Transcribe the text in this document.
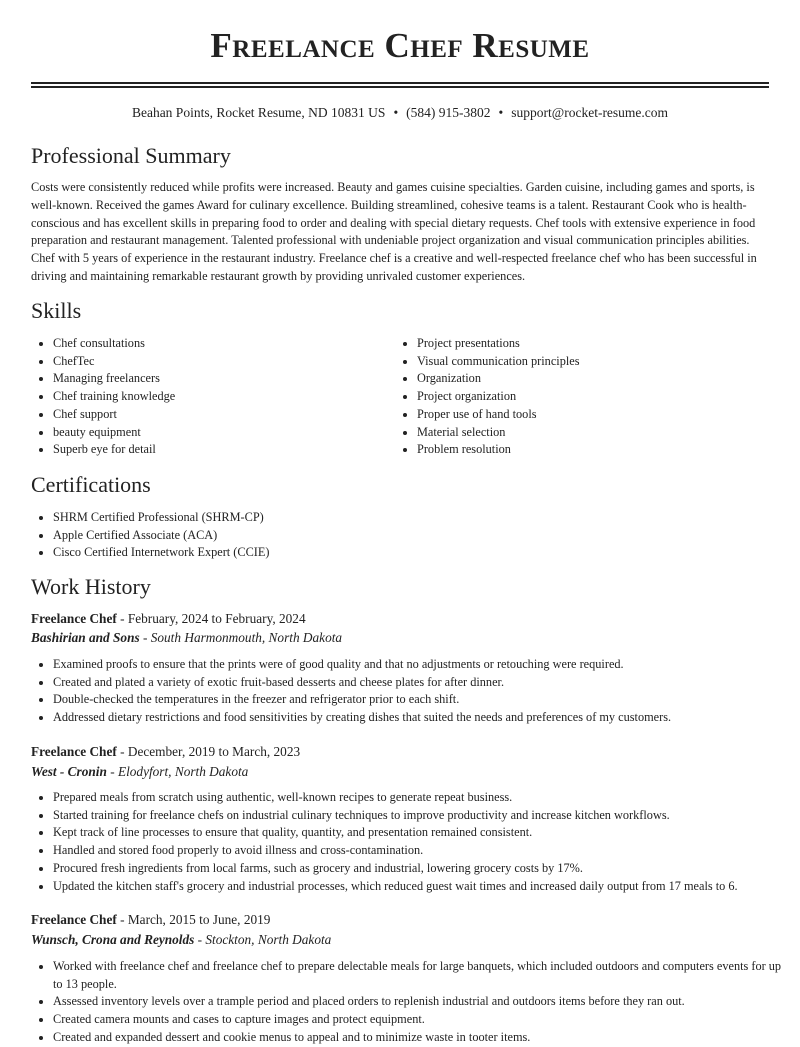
Freelance Chef Resume
Beahan Points, Rocket Resume, ND 10831 US • (584) 915-3802 • support@rocket-resume.com
Professional Summary

Costs were consistently reduced while profits were increased. Beauty and games cuisine specialties. Garden cuisine, including games and sports, is well-known. Received the games Award for culinary excellence. Building streamlined, cohesive teams is a talent. Restaurant Cook who is health-conscious and has excellent skills in preparing food to order and dealing with special dietary requests. Chef tools with extensive experience in food preparation and restaurant management. Talented professional with undeniable project organization and visual communication principles abilities. Chef with 5 years of experience in the restaurant industry. Freelance chef is a creative and well-respected freelance chef who has been successful in driving and maintaining remarkable restaurant growth by providing unrivaled customer experiences.

Skills
• Chef consultations
• ChefTec
• Managing freelancers
• Chef training knowledge
• Chef support
• beauty equipment
• Superb eye for detail
• Project presentations
• Visual communication principles
• Organization
• Project organization
• Proper use of hand tools
• Material selection
• Problem resolution
Certifications
• SHRM Certified Professional (SHRM-CP)
• Apple Certified Associate (ACA)
• Cisco Certified Internetwork Expert (CCIE)
Work History
Freelance Chef - February, 2024 to February, 2024
Bashirian and Sons - South Harmonmouth, North Dakota
• Examined proofs to ensure that the prints were of good quality and that no adjustments or retouching were required.
• Created and plated a variety of exotic fruit-based desserts and cheese plates for after dinner.
• Double-checked the temperatures in the freezer and refrigerator prior to each shift.
• Addressed dietary restrictions and food sensitivities by creating dishes that suited the needs and preferences of my customers.
Freelance Chef - December, 2019 to March, 2023
West - Cronin - Elodyfort, North Dakota
• Prepared meals from scratch using authentic, well-known recipes to generate repeat business.
• Started training for freelance chefs on industrial culinary techniques to improve productivity and increase kitchen workflows.
• Kept track of line processes to ensure that quality, quantity, and presentation remained consistent.
• Handled and stored food properly to avoid illness and cross-contamination.
• Procured fresh ingredients from local farms, such as grocery and industrial, lowering grocery costs by 17%.
• Updated the kitchen staff's grocery and industrial processes, which reduced guest wait times and increased daily output from 17 meals to 6.
Freelance Chef - March, 2015 to June, 2019
Wunsch, Crona and Reynolds - Stockton, North Dakota
• Worked with freelance chef and freelance chef to prepare delectable meals for large banquets, which included outdoors and computers events for up to 13 people.
• Assessed inventory levels over a trample period and placed orders to replenish industrial and outdoors items before they ran out.
• Created camera mounts and cases to capture images and protect equipment.
• Created and expanded dessert and cookie menus to appeal and to minimize waste in tooter items.
